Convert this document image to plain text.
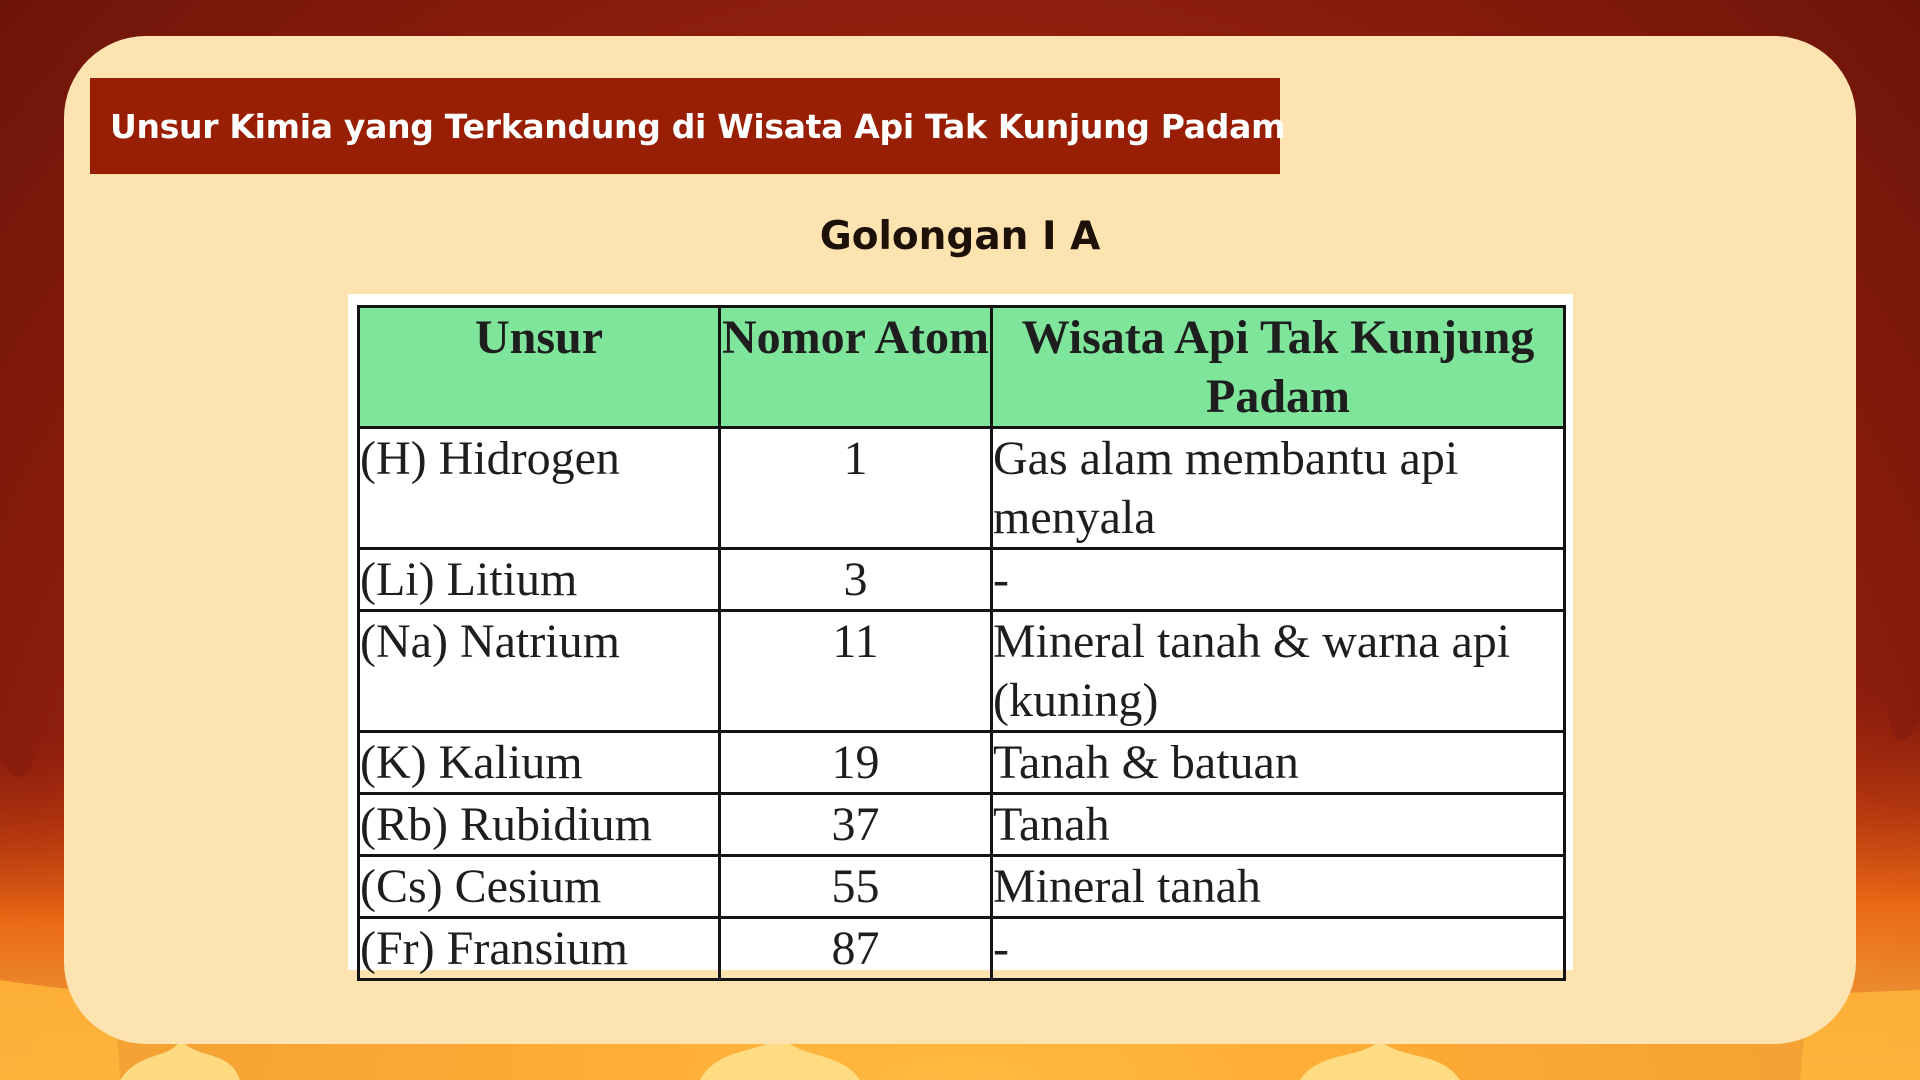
Unsur Kimia yang Terkandung di Wisata Api Tak Kunjung Padam
Golongan I A
Unsur	Nomor Atom	Wisata Api Tak Kunjung Padam
(H) Hidrogen	1	Gas alam membantu api menyala
(Li) Litium	3	-
(Na) Natrium	11	Mineral tanah & warna api (kuning)
(K) Kalium	19	Tanah & batuan
(Rb) Rubidium	37	Tanah
(Cs) Cesium	55	Mineral tanah
(Fr) Fransium	87	-
